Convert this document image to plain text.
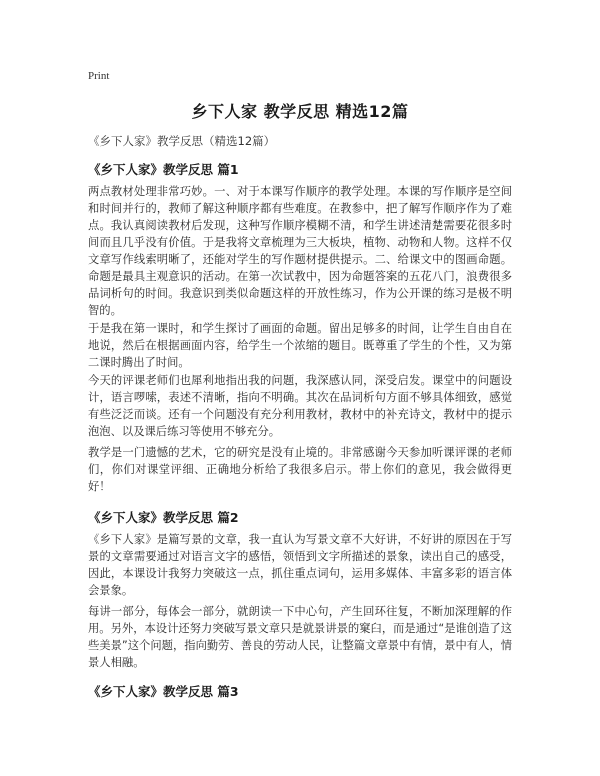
Print
乡下人家 教学反思 精选12篇
《乡下人家》教学反思（精选12篇）
《乡下人家》教学反思 篇1
两点教材处理非常巧妙。一、对于本课写作顺序的教学处理。本课的写作顺序是空间和时间并行的，教师了解这种顺序都有些难度。在教参中，把了解写作顺序作为了难点。我认真阅读教材后发现，这种写作顺序模糊不清，和学生讲述清楚需要花很多时间而且几乎没有价值。于是我将文章梳理为三大板块，植物、动物和人物。这样不仅文章写作线索明晰了，还能对学生的写作题材提供提示。二、给课文中的图画命题。命题是最具主观意识的活动。在第一次试教中，因为命题答案的五花八门，浪费很多品词析句的时间。我意识到类似命题这样的开放性练习，作为公开课的练习是极不明智的。
于是我在第一课时，和学生探讨了画面的命题。留出足够多的时间，让学生自由自在地说，然后在根据画面内容，给学生一个浓缩的题目。既尊重了学生的个性，又为第二课时腾出了时间。
今天的评课老师们也犀利地指出我的问题，我深感认同，深受启发。课堂中的问题设计，语言啰嗦，表述不清晰，指向不明确。其次在品词析句方面不够具体细致，感觉有些泛泛而谈。还有一个问题没有充分利用教材，教材中的补充诗文，教材中的提示泡泡、以及课后练习等使用不够充分。
教学是一门遗憾的艺术，它的研究是没有止境的。非常感谢今天参加听课评课的老师们，你们对课堂评细、正确地分析给了我很多启示。带上你们的意见，我会做得更好！
《乡下人家》教学反思 篇2
《乡下人家》是篇写景的文章，我一直认为写景文章不大好讲，不好讲的原因在于写景的文章需要通过对语言文字的感悟，领悟到文字所描述的景象，读出自己的感受，因此，本课设计我努力突破这一点，抓住重点词句，运用多媒体、丰富多彩的语言体会景象。
每讲一部分，每体会一部分，就朗读一下中心句，产生回环往复，不断加深理解的作用。另外，本设计还努力突破写景文章只是就景讲景的窠臼，而是通过“是谁创造了这些美景”这个问题，指向勤劳、善良的劳动人民，让整篇文章景中有情，景中有人，情景人相融。
《乡下人家》教学反思 篇3
